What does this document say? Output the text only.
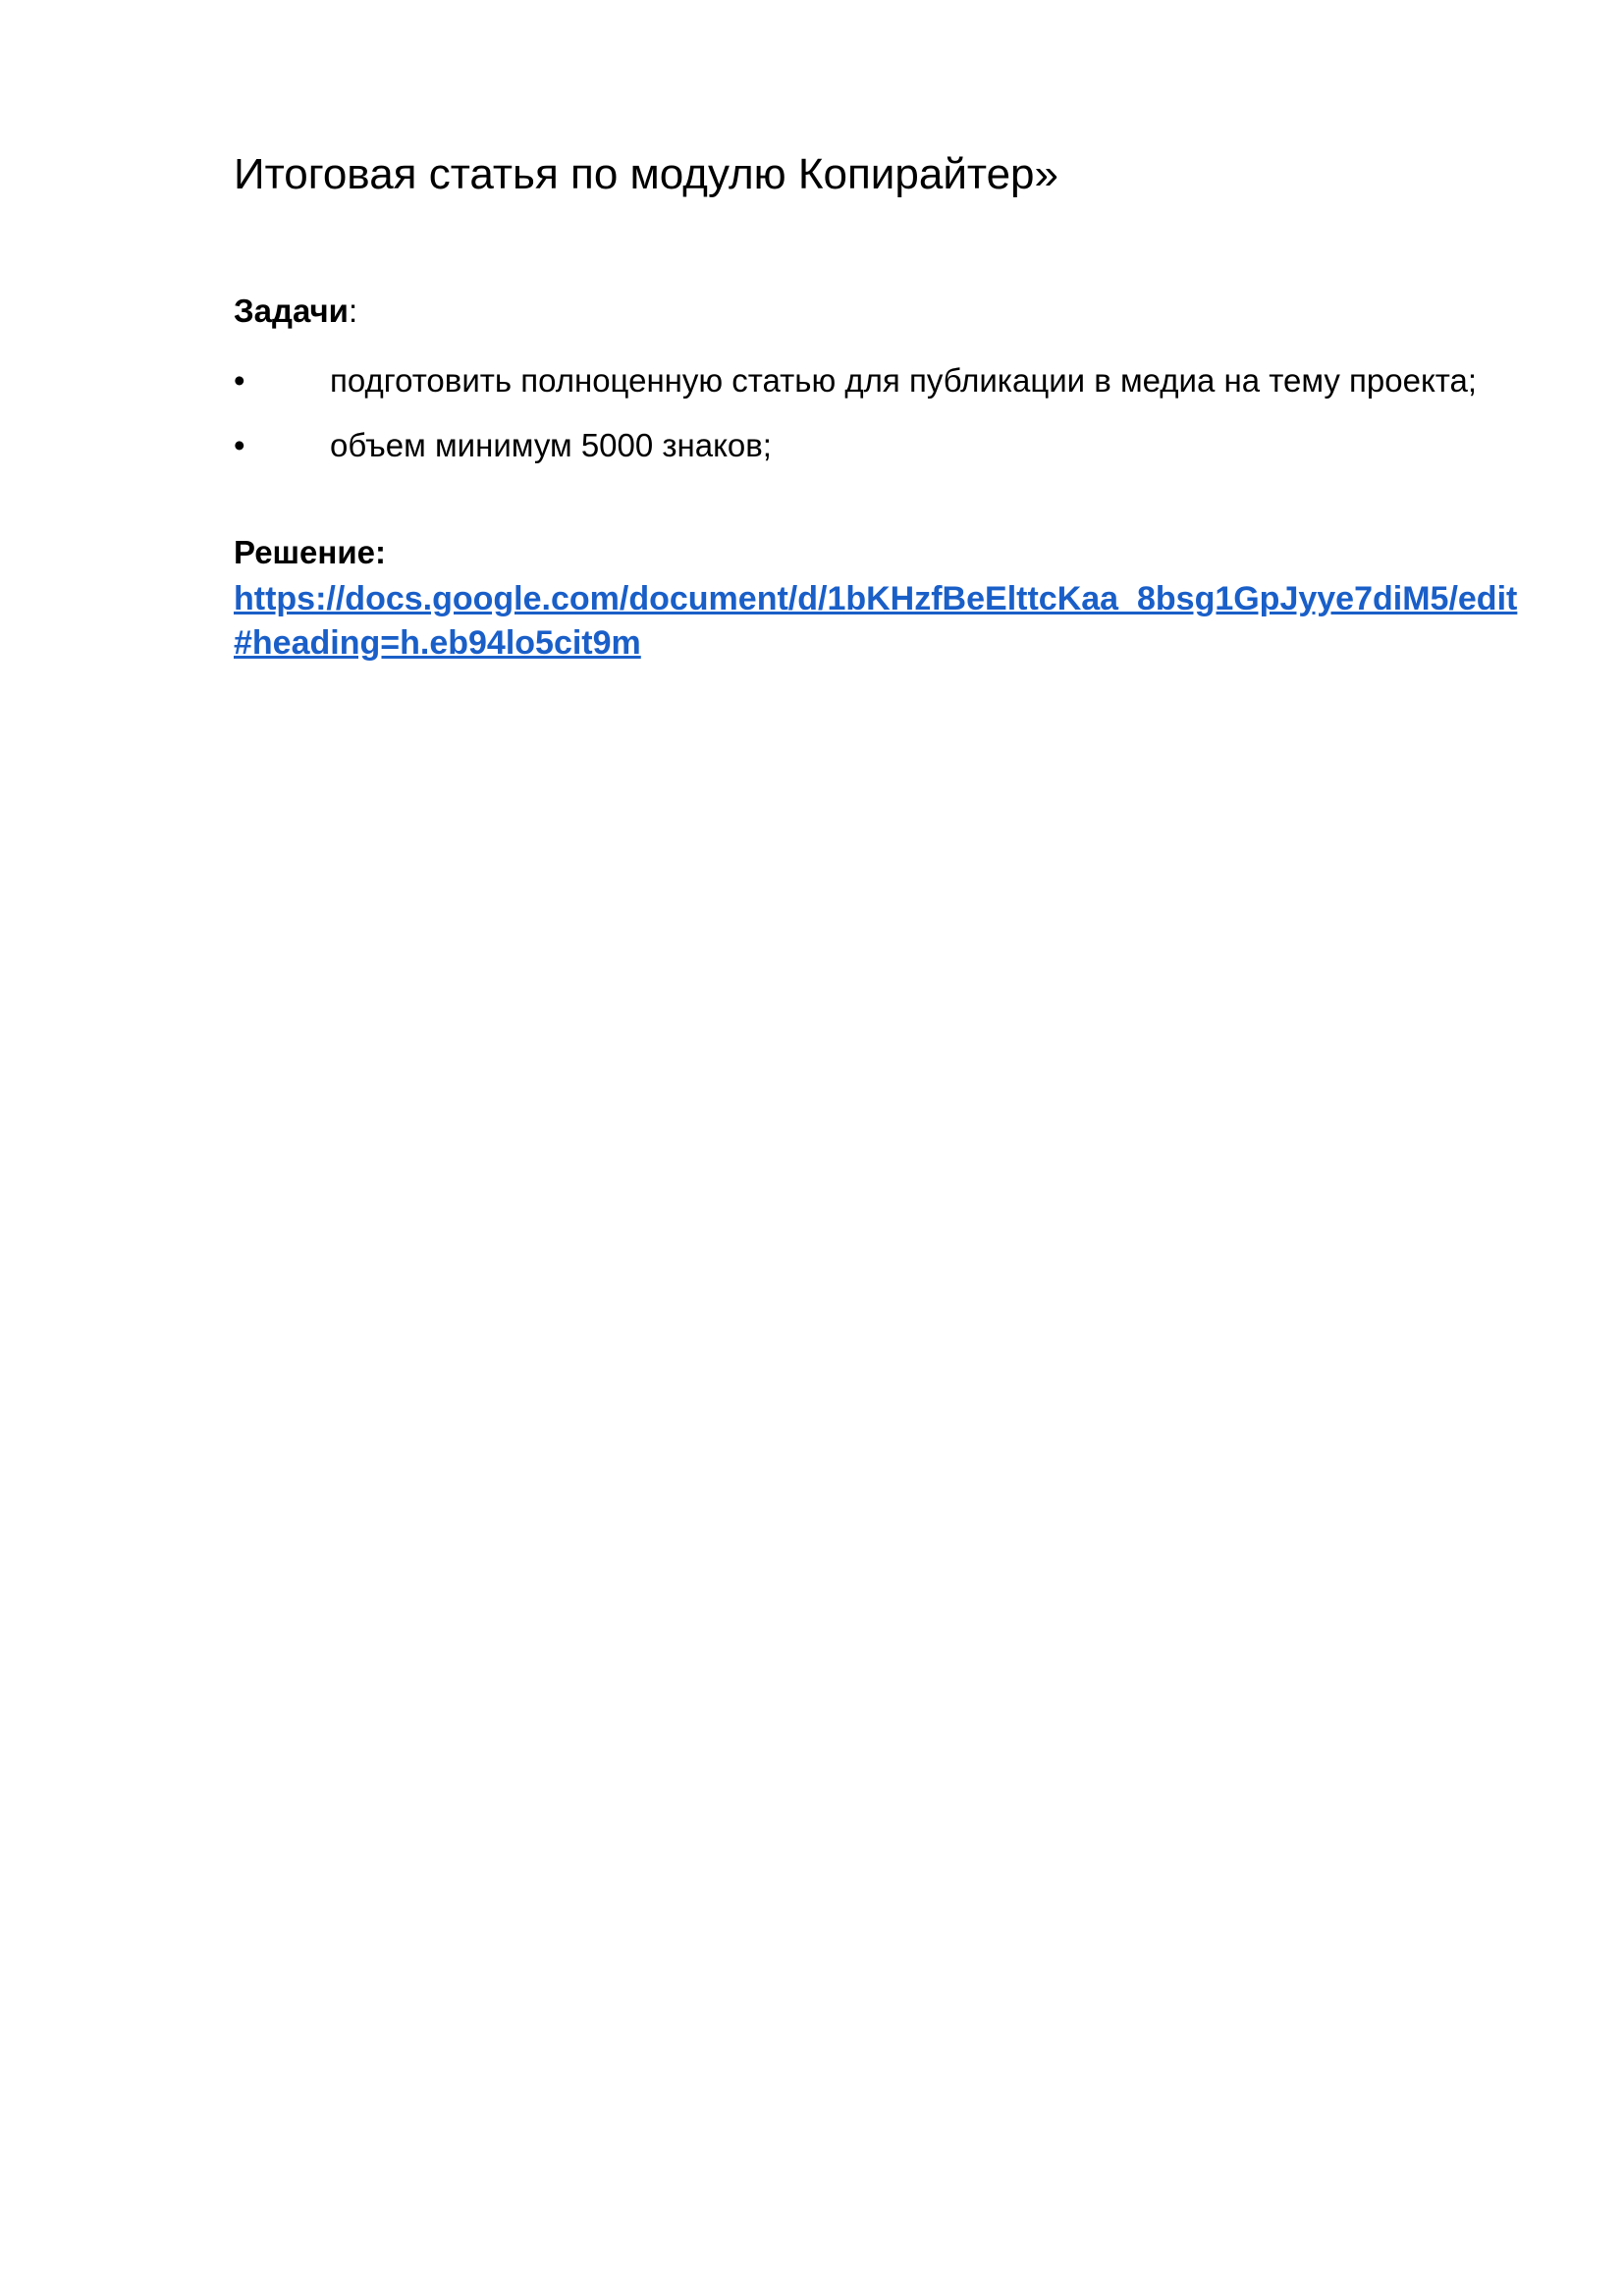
Итоговая статья по модулю Копирайтер»

Задачи:

•	подготовить полноценную статью для публикации в медиа на тему проекта;
•	объем минимум 5000 знаков;

Решение:

https://docs.google.com/document/d/1bKHzfBeElttcKaa_8bsg1GpJyye7diM5/edit#heading=h.eb94lo5cit9m
